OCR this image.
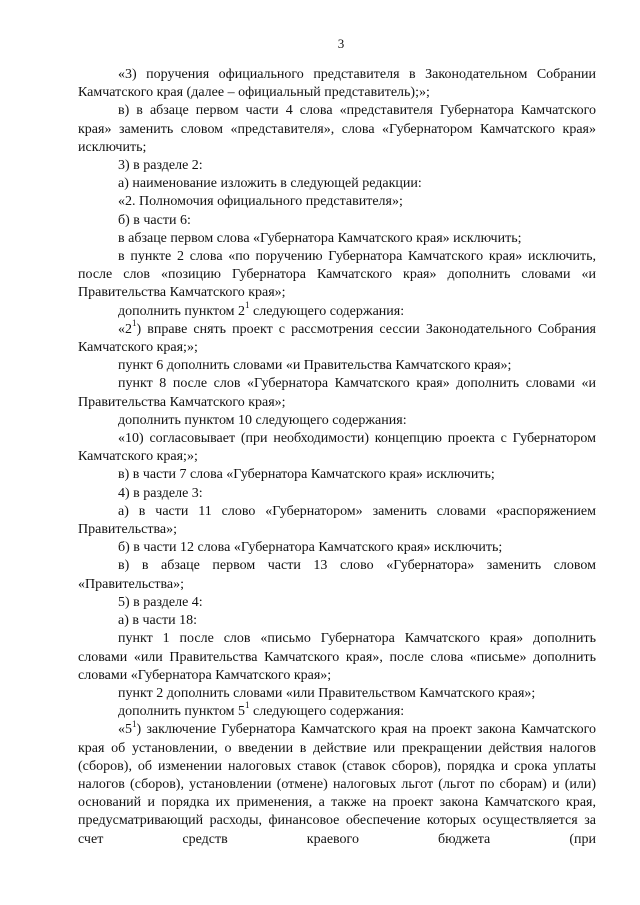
3

«3) поручения официального представителя в Законодательном Собрании Камчатского края (далее – официальный представитель);»;

в) в абзаце первом части 4 слова «представителя Губернатора Камчатского края» заменить словом «представителя», слова «Губернатором Камчатского края» исключить;

3) в разделе 2:

а) наименование изложить в следующей редакции:

«2. Полномочия официального представителя»;

б) в части 6:

в абзаце первом слова «Губернатора Камчатского края» исключить;

в пункте 2 слова «по поручению Губернатора Камчатского края» исключить, после слов «позицию Губернатора Камчатского края» дополнить словами «и Правительства Камчатского края»;

дополнить пунктом $2^1$ следующего содержания:

«$2^1$) вправе снять проект с рассмотрения сессии Законодательного Собрания Камчатского края;»;

пункт 6 дополнить словами «и Правительства Камчатского края»;

пункт 8 после слов «Губернатора Камчатского края» дополнить словами «и Правительства Камчатского края»;

дополнить пунктом 10 следующего содержания:

«10) согласовывает (при необходимости) концепцию проекта с Губернатором Камчатского края;»;

в) в части 7 слова «Губернатора Камчатского края» исключить;

4) в разделе 3:

а) в части 11 слово «Губернатором» заменить словами «распоряжением Правительства»;

б) в части 12 слова «Губернатора Камчатского края» исключить;

в) в абзаце первом части 13 слово «Губернатора» заменить словом «Правительства»;

5) в разделе 4:

а) в части 18:

пункт 1 после слов «письмо Губернатора Камчатского края» дополнить словами «или Правительства Камчатского края», после слова «письме» дополнить словами «Губернатора Камчатского края»;

пункт 2 дополнить словами «или Правительством Камчатского края»;

дополнить пунктом $5^1$ следующего содержания:

«$5^1$) заключение Губернатора Камчатского края на проект закона Камчатского края об установлении, о введении в действие или прекращении действия налогов (сборов), об изменении налоговых ставок (ставок сборов), порядка и срока уплаты налогов (сборов), установлении (отмене) налоговых льгот (льгот по сборам) и (или) оснований и порядка их применения, а также на проект закона Камчатского края, предусматривающий расходы, финансовое обеспечение которых осуществляется за счет средств краевого бюджета (при
